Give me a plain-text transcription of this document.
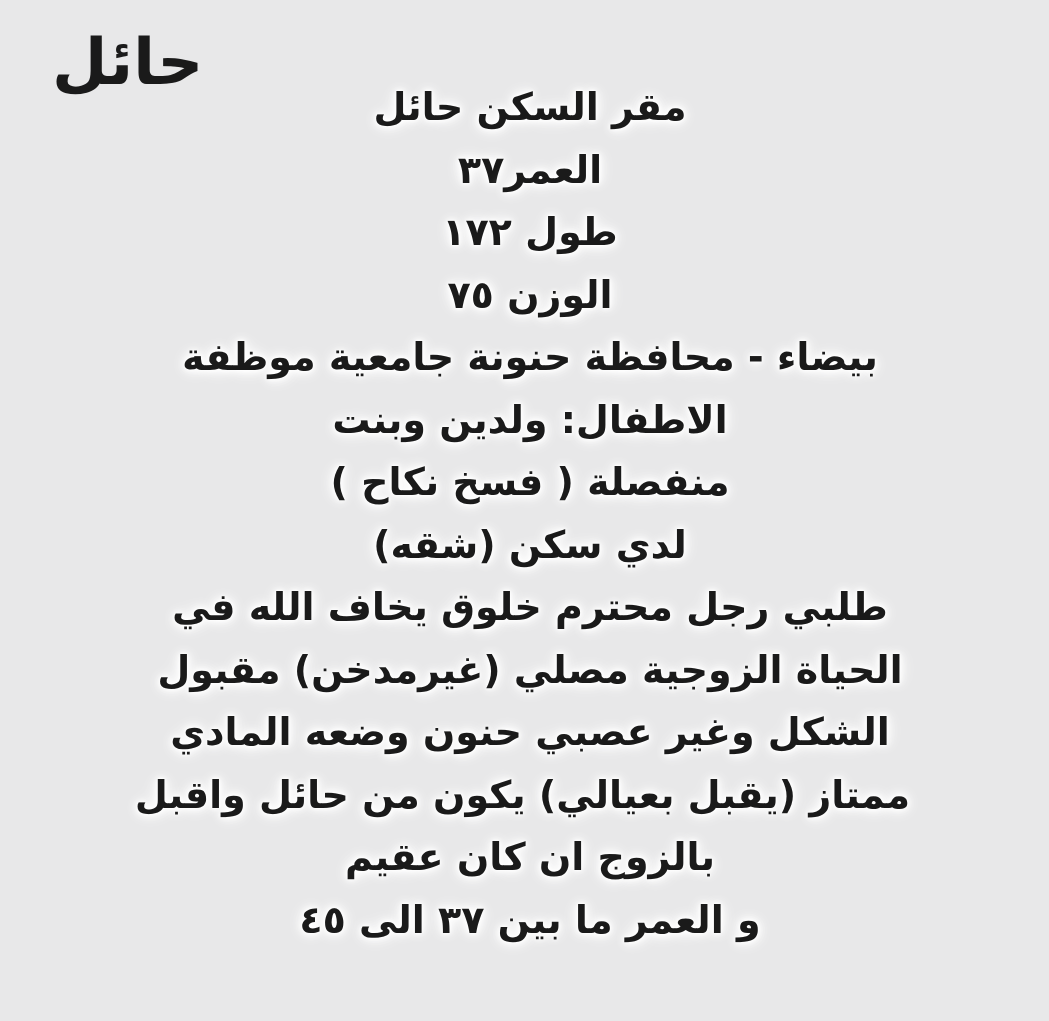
حائل
مقر السكن حائل
العمر٣٧
طول ١٧٢
الوزن ٧٥
بيضاء - محافظة حنونة جامعية موظفة
الاطفال: ولدين وبنت
منفصلة ( فسخ نكاح )
لدي سكن (شقه)
طلبي رجل محترم خلوق يخاف الله في
الحياة الزوجية مصلي (غيرمدخن) مقبول
الشكل وغير عصبي حنون وضعه المادي
ممتاز (يقبل بعيالي) يكون من حائل واقبل
بالزوج ان كان عقيم
و العمر ما بين ٣٧ الى ٤٥
